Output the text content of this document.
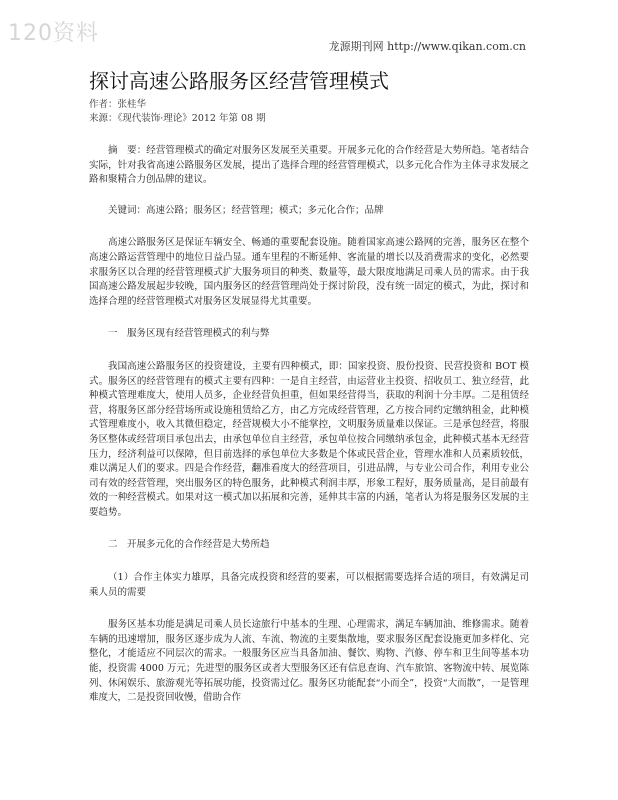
120资料
龙源期刊网 http://www.qikan.com.cn
探讨高速公路服务区经营管理模式
作者：张桂华
来源：《现代装饰·理论》2012 年第 08 期

摘　要：经营管理模式的确定对服务区发展至关重要。开展多元化的合作经营是大势所趋。笔者结合实际，针对我省高速公路服务区发展，提出了选择合理的经营管理模式，以多元化合作为主体寻求发展之路和聚精合力创品牌的建议。

关键词：高速公路；服务区；经营管理；模式；多元化合作；品牌

高速公路服务区是保证车辆安全、畅通的重要配套设施。随着国家高速公路网的完善，服务区在整个高速公路运营管理中的地位日益凸显。通车里程的不断延伸、客流量的增长以及消费需求的变化，必然要求服务区以合理的经营管理模式扩大服务项目的种类、数量等，最大限度地满足司乘人员的需求。由于我国高速公路发展起步较晚，国内服务区的经营管理尚处于探讨阶段，没有统一固定的模式，为此，探讨和选择合理的经营管理模式对服务区发展显得尤其重要。

一　服务区现有经营管理模式的利与弊

我国高速公路服务区的投资建设，主要有四种模式，即：国家投资、股份投资、民营投资和 BOT 模式。服务区的经营管理有的模式主要有四种：一是自主经营，由运营业主投资、招收员工、独立经营，此种模式管理难度大，使用人员多，企业经营负担重，但如果经营得当，获取的利润十分丰厚。二是租赁经营，将服务区部分经营场所或设施租赁给乙方，由乙方完成经营管理，乙方按合同约定缴纳租金，此种模式管理难度小，收入其微但稳定，经营规模大小不能掌控，文明服务质量难以保证。三是承包经营，将服务区整体或经营项目承包出去，由承包单位自主经营，承包单位按合同缴纳承包金，此种模式基本无经营压力，经济利益可以保障，但目前选择的承包单位大多数是个体或民营企业，管理水准和人员素质较低，难以满足人们的要求。四是合作经营，翻准看度大的经营项目，引进品牌，与专业公司合作，利用专业公司有效的经营管理，突出服务区的特色服务，此种模式利润丰厚，形象工程好，服务质量高，是目前最有效的一种经营模式。如果对这一模式加以拓展和完善，延伸其丰富的内涵，笔者认为将是服务区发展的主要趋势。

二　开展多元化的合作经营是大势所趋

（1）合作主体实力雄厚，具备完成投资和经营的要素，可以根据需要选择合适的项目，有效满足司乘人员的需要

服务区基本功能是满足司乘人员长途旅行中基本的生理、心理需求，满足车辆加油、维修需求。随着车辆的迅速增加，服务区逐步成为人流、车流、物流的主要集散地，要求服务区配套设施更加多样化、完整化，才能适应不同层次的需求。一般服务区应当具备加油、餐饮、购物、汽修、停车和卫生间等基本功能，投资需 4000 万元；先进型的服务区或者大型服务区还有信息查询、汽车旅馆、客物流中转、展览陈列、休闲娱乐、旅游观光等拓展功能，投资需过亿。服务区功能配套“小而全”，投资“大而散”，一是管理难度大，二是投资回收慢，借助合作
